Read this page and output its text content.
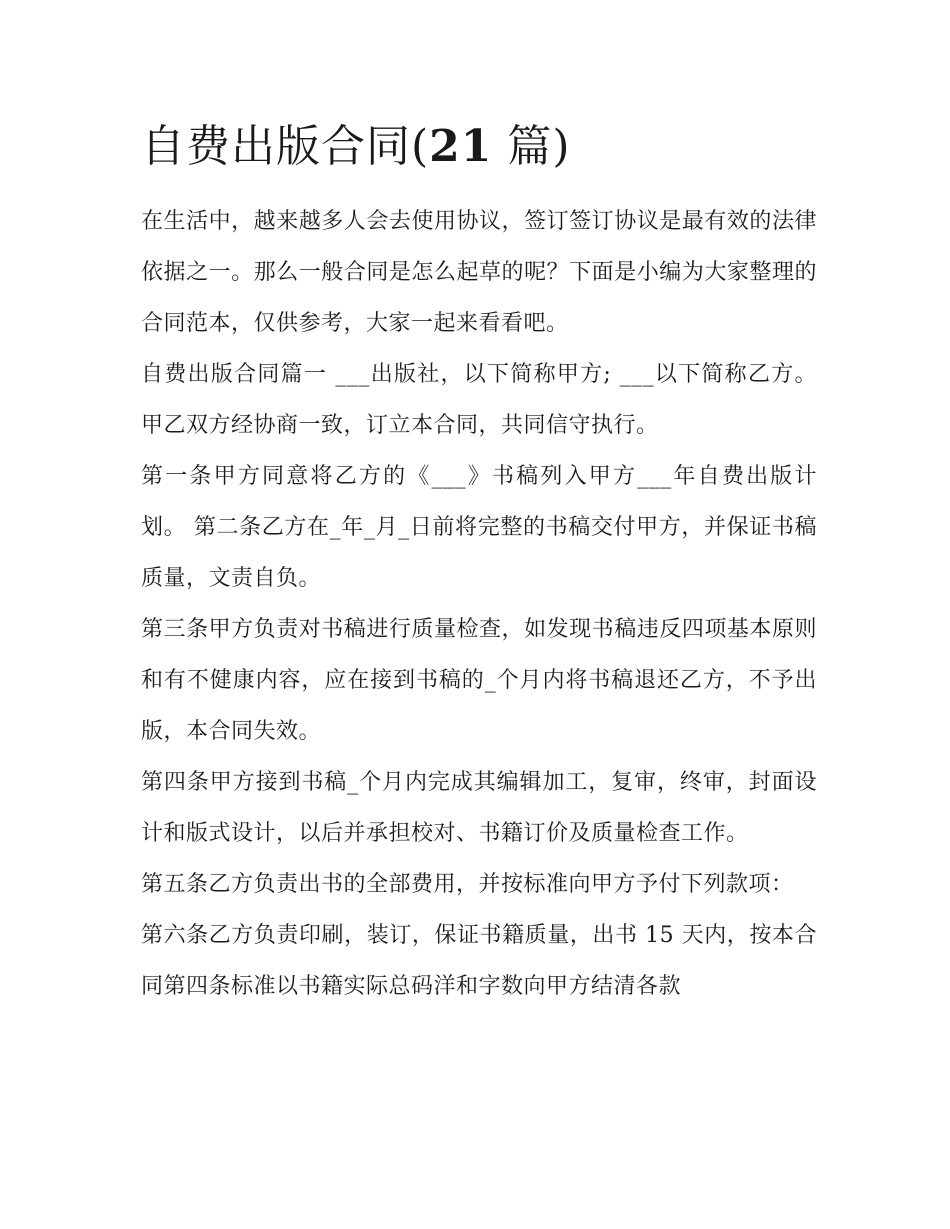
自费出版合同(21 篇)

在生活中，越来越多人会去使用协议，签订签订协议是最有效的法律依据之一。那么一般合同是怎么起草的呢？下面是小编为大家整理的合同范本，仅供参考，大家一起来看看吧。

自费出版合同篇一 ___出版社，以下简称甲方; ___以下简称乙方。 甲乙双方经协商一致，订立本合同，共同信守执行。

第一条甲方同意将乙方的《___》书稿列入甲方___年自费出版计划。 第二条乙方在_年_月_日前将完整的书稿交付甲方，并保证书稿质量，文责自负。

第三条甲方负责对书稿进行质量检查，如发现书稿违反四项基本原则和有不健康内容，应在接到书稿的_个月内将书稿退还乙方，不予出版，本合同失效。

第四条甲方接到书稿_个月内完成其编辑加工，复审，终审，封面设计和版式设计，以后并承担校对、书籍订价及质量检查工作。

第五条乙方负责出书的全部费用，并按标准向甲方予付下列款项：

第六条乙方负责印刷，装订，保证书籍质量，出书 15 天内，按本合同第四条标准以书籍实际总码洋和字数向甲方结清各款
